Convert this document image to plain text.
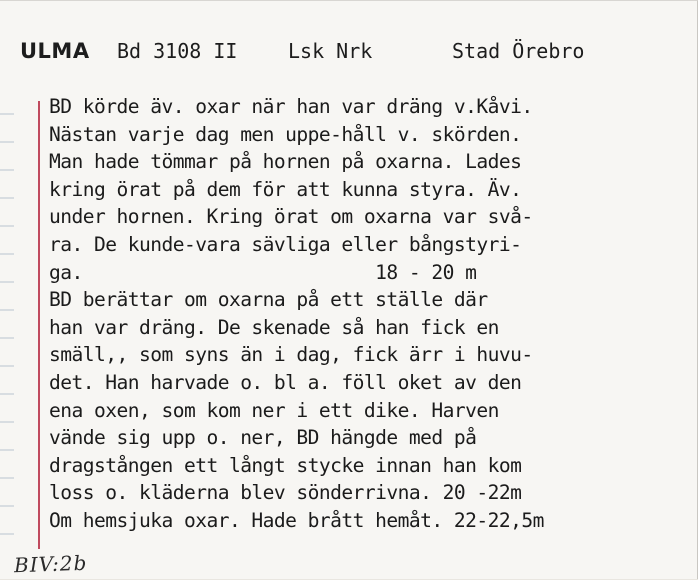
ULMA Bd 3108 II	Lsk Nrk	Stad Örebro
BD körde äv. oxar när han var dräng v.Kåvi.
Nästan varje dag men uppe-håll v. skörden.
Man hade tömmar på hornen på oxarna. Lades
kring örat på dem för att kunna styra. Äv.
under hornen. Kring örat om oxarna var svå-
ra. De kunde-vara sävliga eller bångstyri-
ga.                          18 - 20 m
BD berättar om oxarna på ett ställe där
han var dräng. De skenade så han fick en
smäll,, som syns än i dag, fick ärr i huvu-
det. Han harvade o. bl a. föll oket av den
ena oxen, som kom ner i ett dike. Harven
vände sig upp o. ner, BD hängde med på
dragstången ett långt stycke innan han kom
loss o. kläderna blev sönderrivna. 20 -22m
Om hemsjuka oxar. Hade brått hemåt. 22-22,5m
BIV:2b
